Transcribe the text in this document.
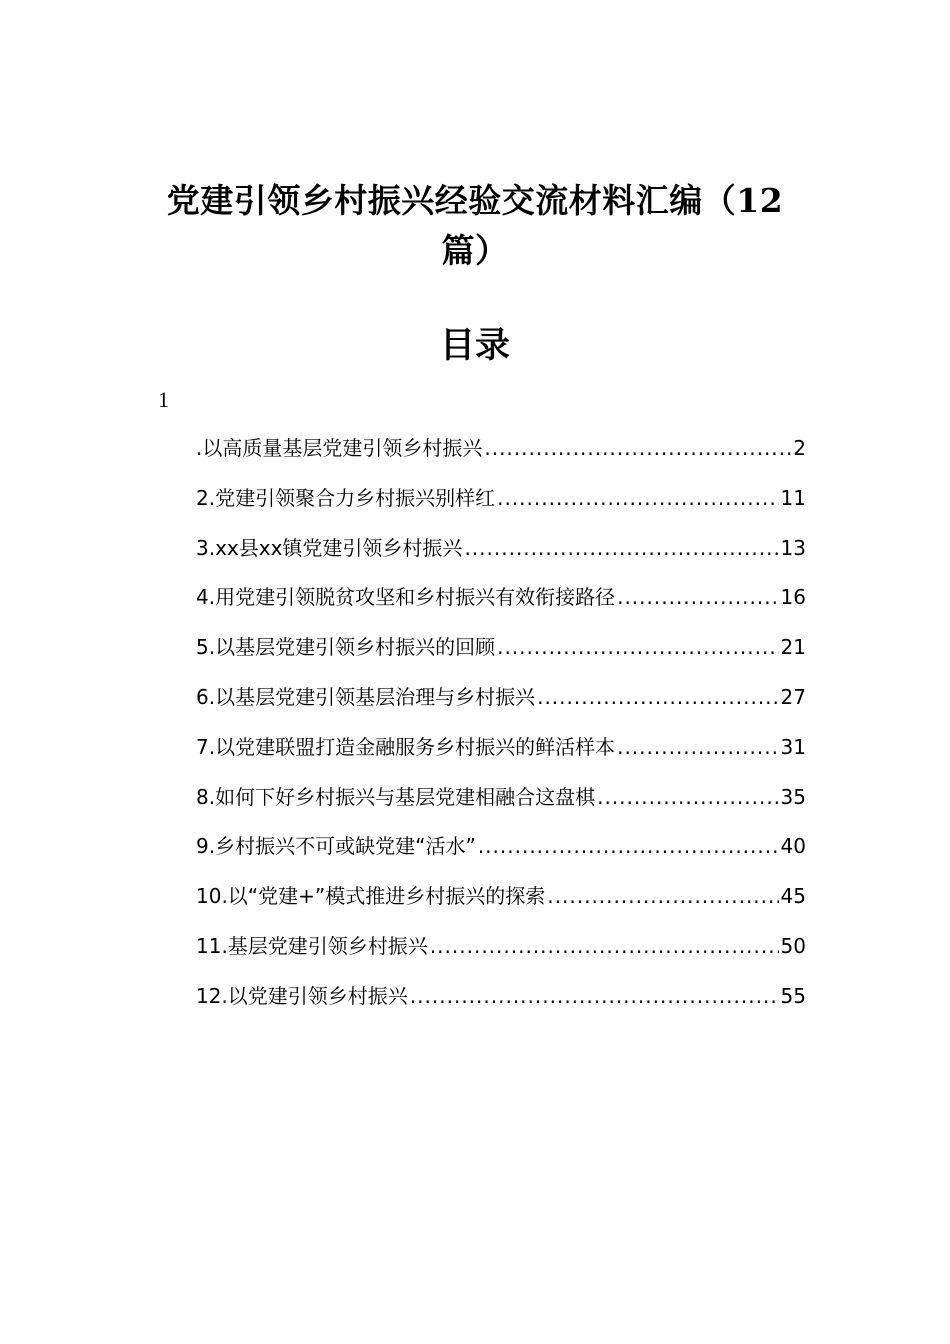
党建引领乡村振兴经验交流材料汇编（12篇）
目录
1
.以高质量基层党建引领乡村振兴 .....	2
2.党建引领聚合力乡村振兴别样红 .....	11
3.xx县xx镇党建引领乡村振兴 .....	13
4.用党建引领脱贫攻坚和乡村振兴有效衔接路径 .....	16
5.以基层党建引领乡村振兴的回顾 .....	21
6.以基层党建引领基层治理与乡村振兴 .....	27
7.以党建联盟打造金融服务乡村振兴的鲜活样本 .....	31
8.如何下好乡村振兴与基层党建相融合这盘棋 .....	35
9.乡村振兴不可或缺党建“活水” .....	40
10.以“党建+”模式推进乡村振兴的探索 .....	45
11.基层党建引领乡村振兴 .....	50
12.以党建引领乡村振兴 .....	55
